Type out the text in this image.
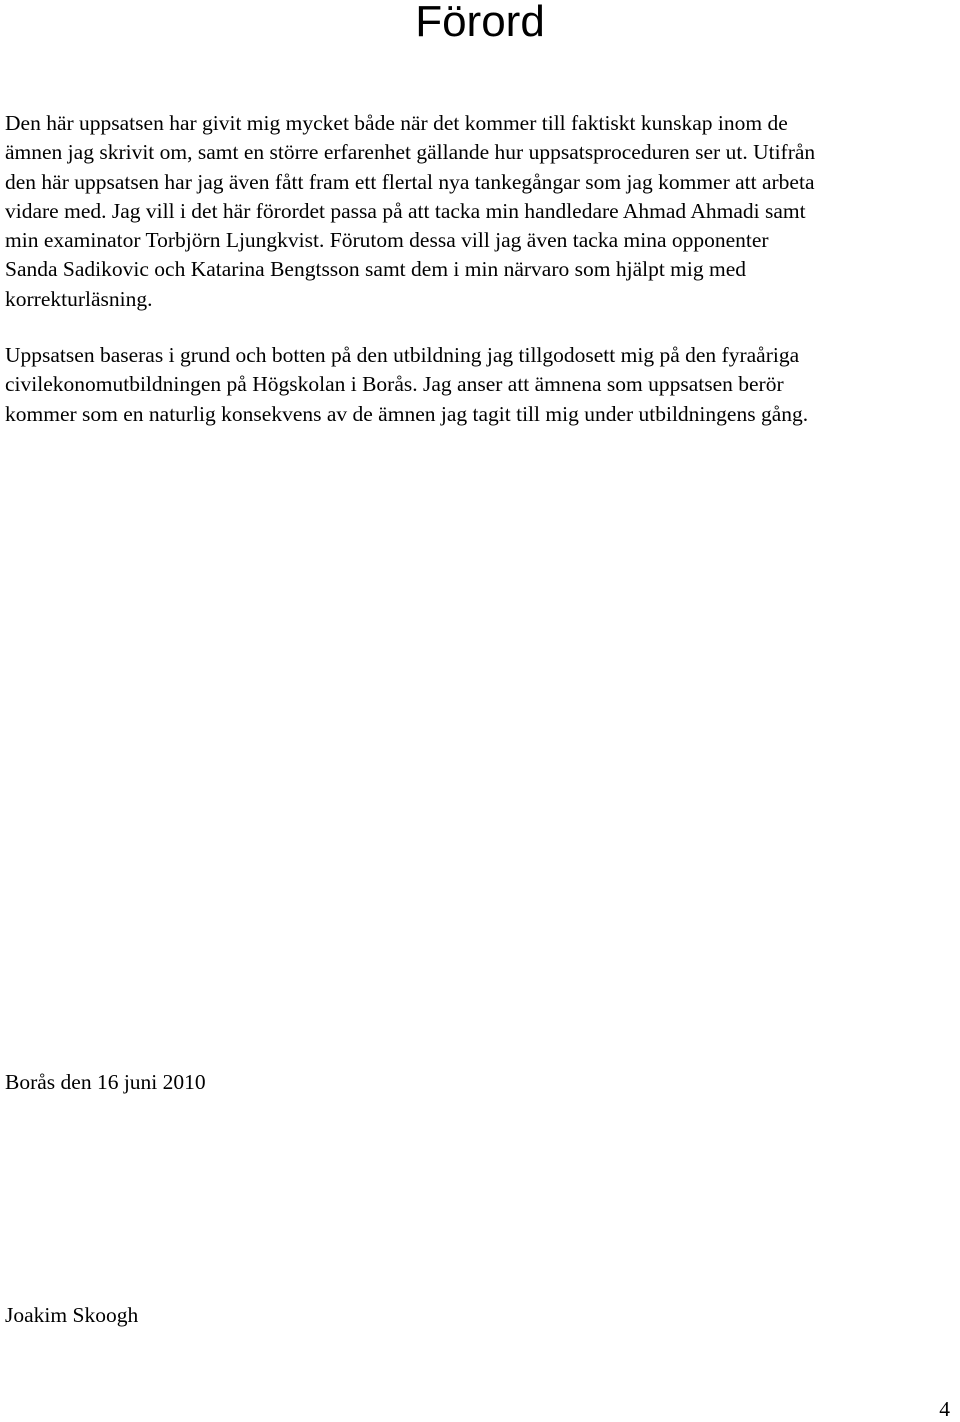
Förord

Den här uppsatsen har givit mig mycket både när det kommer till faktiskt kunskap inom de
ämnen jag skrivit om, samt en större erfarenhet gällande hur uppsatsproceduren ser ut. Utifrån
den här uppsatsen har jag även fått fram ett flertal nya tankegångar som jag kommer att arbeta
vidare med. Jag vill i det här förordet passa på att tacka min handledare Ahmad Ahmadi samt
min examinator Torbjörn Ljungkvist. Förutom dessa vill jag även tacka mina opponenter
Sanda Sadikovic och Katarina Bengtsson samt dem i min närvaro som hjälpt mig med
korrekturläsning.

Uppsatsen baseras i grund och botten på den utbildning jag tillgodosett mig på den fyraåriga
civilekonomutbildningen på Högskolan i Borås. Jag anser att ämnena som uppsatsen berör
kommer som en naturlig konsekvens av de ämnen jag tagit till mig under utbildningens gång.

Borås den 16 juni 2010

Joakim Skoogh

4
